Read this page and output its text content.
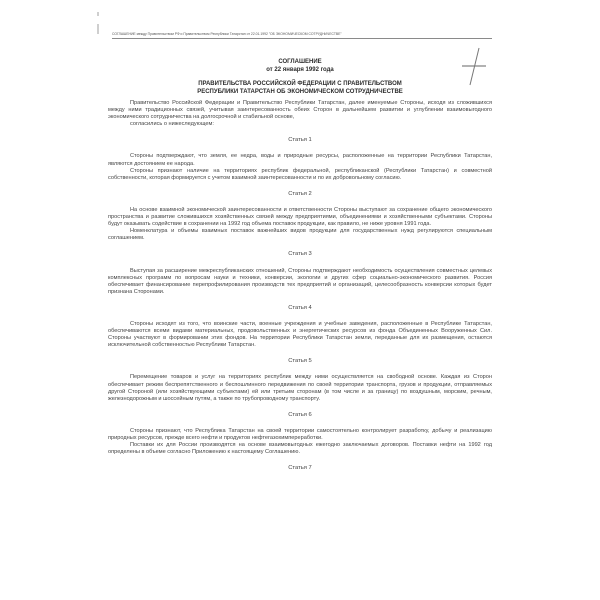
СОГЛАШЕНИЕ между Правительством РФ и Правительством Республики Татарстан от 22.01.1992 "ОБ ЭКОНОМИЧЕСКОМ СОТРУДНИЧЕСТВЕ"
СОГЛАШЕНИЕ
от 22 января 1992 года
ПРАВИТЕЛЬСТВА РОССИЙСКОЙ ФЕДЕРАЦИИ С ПРАВИТЕЛЬСТВОМ
РЕСПУБЛИКИ ТАТАРСТАН ОБ ЭКОНОМИЧЕСКОМ СОТРУДНИЧЕСТВЕ

Правительство Российской Федерации и Правительство Республики Татарстан, далее именуемые Стороны, исходя из сложившихся между ними традиционных связей, учитывая заинтересованность обеих Сторон в дальнейшем развитии и углублении взаимовыгодного экономического сотрудничества на долгосрочной и стабильной основе,

согласились о нижеследующем:

Статья 1

Стороны подтверждают, что земля, ее недра, воды и природные ресурсы, расположенные на территории Республики Татарстан, являются достоянием ее народа.

Стороны признают наличие на территориях республик федеральной, республиканской (Республики Татарстан) и совместной собственности, которая формируется с учетом взаимной заинтересованности и по их добровольному согласию.

Статья 2

На основе взаимной экономической заинтересованности и ответственности Стороны выступают за сохранение общего экономического пространства и развитие сложившихся хозяйственных связей между предприятиями, объединениями и хозяйственными субъектами. Стороны будут оказывать содействие в сохранении на 1992 год объема поставок продукции, как правило, не ниже уровня 1991 года.

Номенклатура и объемы взаимных поставок важнейших видов продукции для государственных нужд регулируются специальным соглашением.

Статья 3

Выступая за расширение межреспубликанских отношений, Стороны подтверждают необходимость осуществления совместных целевых комплексных программ по вопросам науки и техники, конверсии, экологии и других сфер социально-экономического развития. Россия обеспечивает финансирование перепрофилирования производств тех предприятий и организаций, целесообразность конверсии которых будет признана Сторонами.

Статья 4

Стороны исходят из того, что воинские части, военные учреждения и учебные заведения, расположенные в Республике Татарстан, обеспечиваются всеми видами материальных, продовольственных и энергетических ресурсов из фонда Объединенных Вооруженных Сил. Стороны участвуют в формировании этих фондов. На территории Республики Татарстан земли, переданные для их размещения, остаются исключительной собственностью Республики Татарстан.

Статья 5

Перемещение товаров и услуг на территориях республик между ними осуществляется на свободной основе. Каждая из Сторон обеспечивает режим беспрепятственного и беспошлинного передвижения по своей территории транспорта, грузов и продукции, отправляемых другой Стороной (или хозяйствующими субъектами) ей или третьим сторонам (в том числе и за границу) по воздушным, морским, речным, железнодорожным и шоссейным путям, а также по трубопроводному транспорту.

Статья 6

Стороны признают, что Республика Татарстан на своей территории самостоятельно контролирует разработку, добычу и реализацию природных ресурсов, прежде всего нефти и продуктов нефтегазохимпереработки.

Поставки их для России производятся на основе взаимовыгодных ежегодно заключаемых договоров. Поставки нефти на 1992 год определены в объеме согласно Приложению к настоящему Соглашению.

Статья 7
